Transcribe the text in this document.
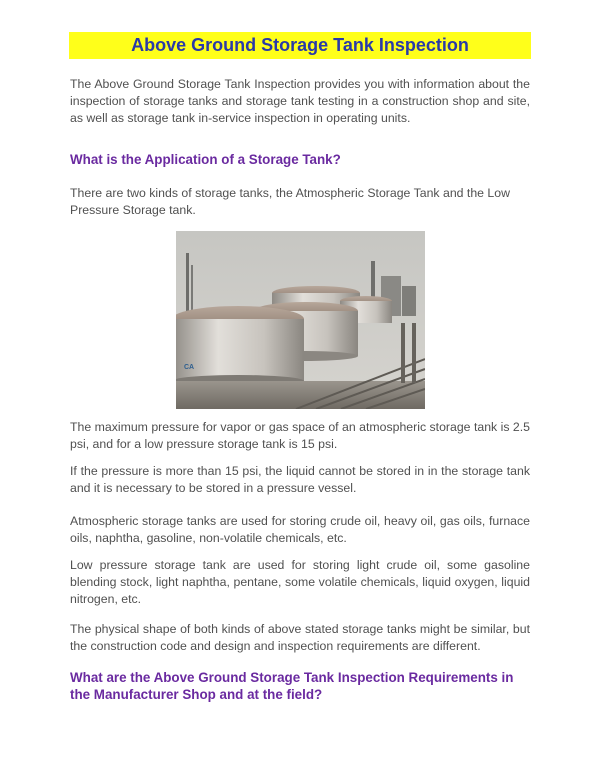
Above Ground Storage Tank Inspection

The Above Ground Storage Tank Inspection provides you with information about the inspection of storage tanks and storage tank testing in a construction shop and site, as well as storage tank in-service inspection in operating units.

What is the Application of a Storage Tank?

There are two kinds of storage tanks, the Atmospheric Storage Tank and the Low Pressure Storage tank.

CA

The maximum pressure for vapor or gas space of an atmospheric storage tank is 2.5 psi, and for a low pressure storage tank is 15 psi.

If the pressure is more than 15 psi, the liquid cannot be stored in in the storage tank and it is necessary to be stored in a pressure vessel.

Atmospheric storage tanks are used for storing crude oil, heavy oil, gas oils, furnace oils, naphtha, gasoline, non-volatile chemicals, etc.

Low pressure storage tank are used for storing light crude oil, some gasoline blending stock, light naphtha, pentane, some volatile chemicals, liquid oxygen, liquid nitrogen, etc.

The physical shape of both kinds of above stated storage tanks might be similar, but the construction code and design and inspection requirements are different.

What are the Above Ground Storage Tank Inspection Requirements in the Manufacturer Shop and at the field?
